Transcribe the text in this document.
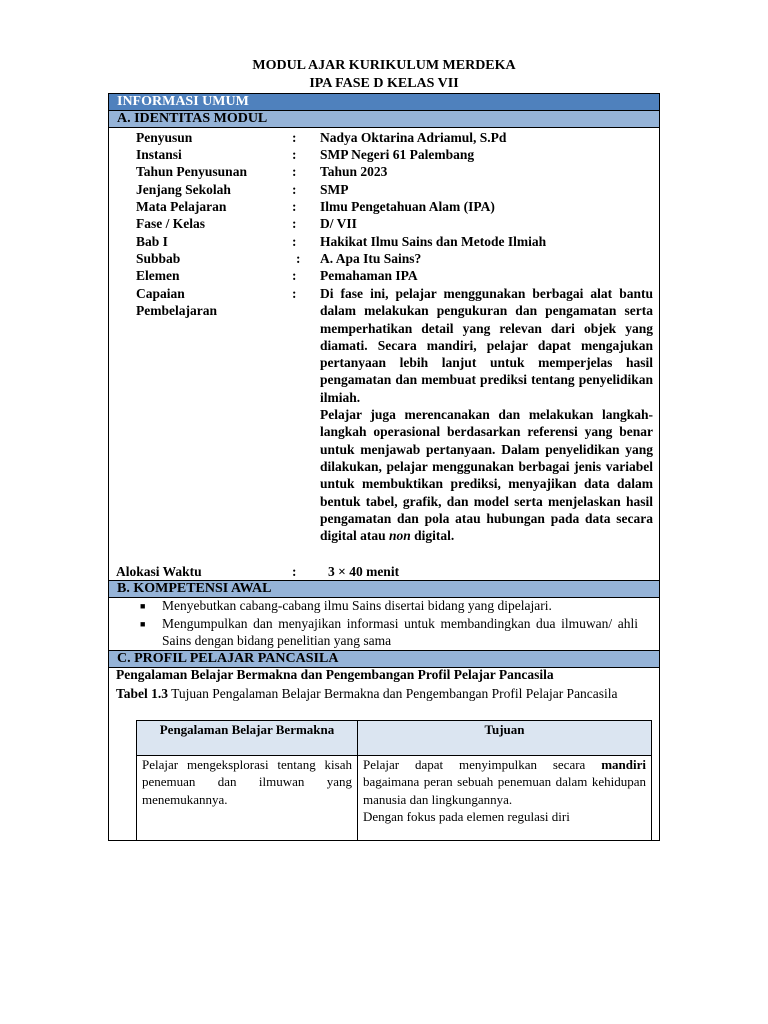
MODUL AJAR KURIKULUM MERDEKA
IPA FASE D KELAS VII
INFORMASI UMUM
A. IDENTITAS MODUL
Penyusun	: Nadya Oktarina Adriamul, S.Pd
Instansi	: SMP Negeri 61 Palembang
Tahun Penyusunan	: Tahun 2023
Jenjang Sekolah	: SMP
Mata Pelajaran	: Ilmu Pengetahuan Alam (IPA)
Fase / Kelas	: D/ VII
Bab I	: Hakikat Ilmu Sains dan Metode Ilmiah
Subbab	: A. Apa Itu Sains?
Elemen	: Pemahaman IPA
Capaian
Pembelajaran
: Di fase ini, pelajar menggunakan berbagai alat bantu dalam melakukan pengukuran dan pengamatan serta memperhatikan detail yang relevan dari objek yang diamati. Secara mandiri, pelajar dapat mengajukan pertanyaan lebih lanjut untuk memperjelas hasil pengamatan dan membuat prediksi tentang penyelidikan ilmiah.

Pelajar juga merencanakan dan melakukan langkah-langkah operasional berdasarkan referensi yang benar untuk menjawab pertanyaan. Dalam penyelidikan yang dilakukan, pelajar menggunakan berbagai jenis variabel untuk membuktikan prediksi, menyajikan data dalam bentuk tabel, grafik, dan model serta menjelaskan hasil pengamatan dan pola atau hubungan pada data secara digital atau non digital.

Alokasi Waktu	: 3 × 40 menit
B. KOMPETENSI AWAL
■ Menyebutkan cabang-cabang ilmu Sains disertai bidang yang dipelajari.
■ Mengumpulkan dan menyajikan informasi untuk membandingkan dua ilmuwan/ ahli Sains dengan bidang penelitian yang sama
C. PROFIL PELAJAR PANCASILA
Pengalaman Belajar Bermakna dan Pengembangan Profil Pelajar Pancasila
Tabel 1.3 Tujuan Pengalaman Belajar Bermakna dan Pengembangan Profil Pelajar Pancasila
Pengalaman Belajar Bermakna	Tujuan
Pelajar mengeksplorasi tentang kisah penemuan dan ilmuwan yang menemukannya.	Pelajar dapat menyimpulkan secara mandiri bagaimana peran sebuah penemuan dalam kehidupan manusia dan lingkungannya.
Dengan fokus pada elemen regulasi diri
